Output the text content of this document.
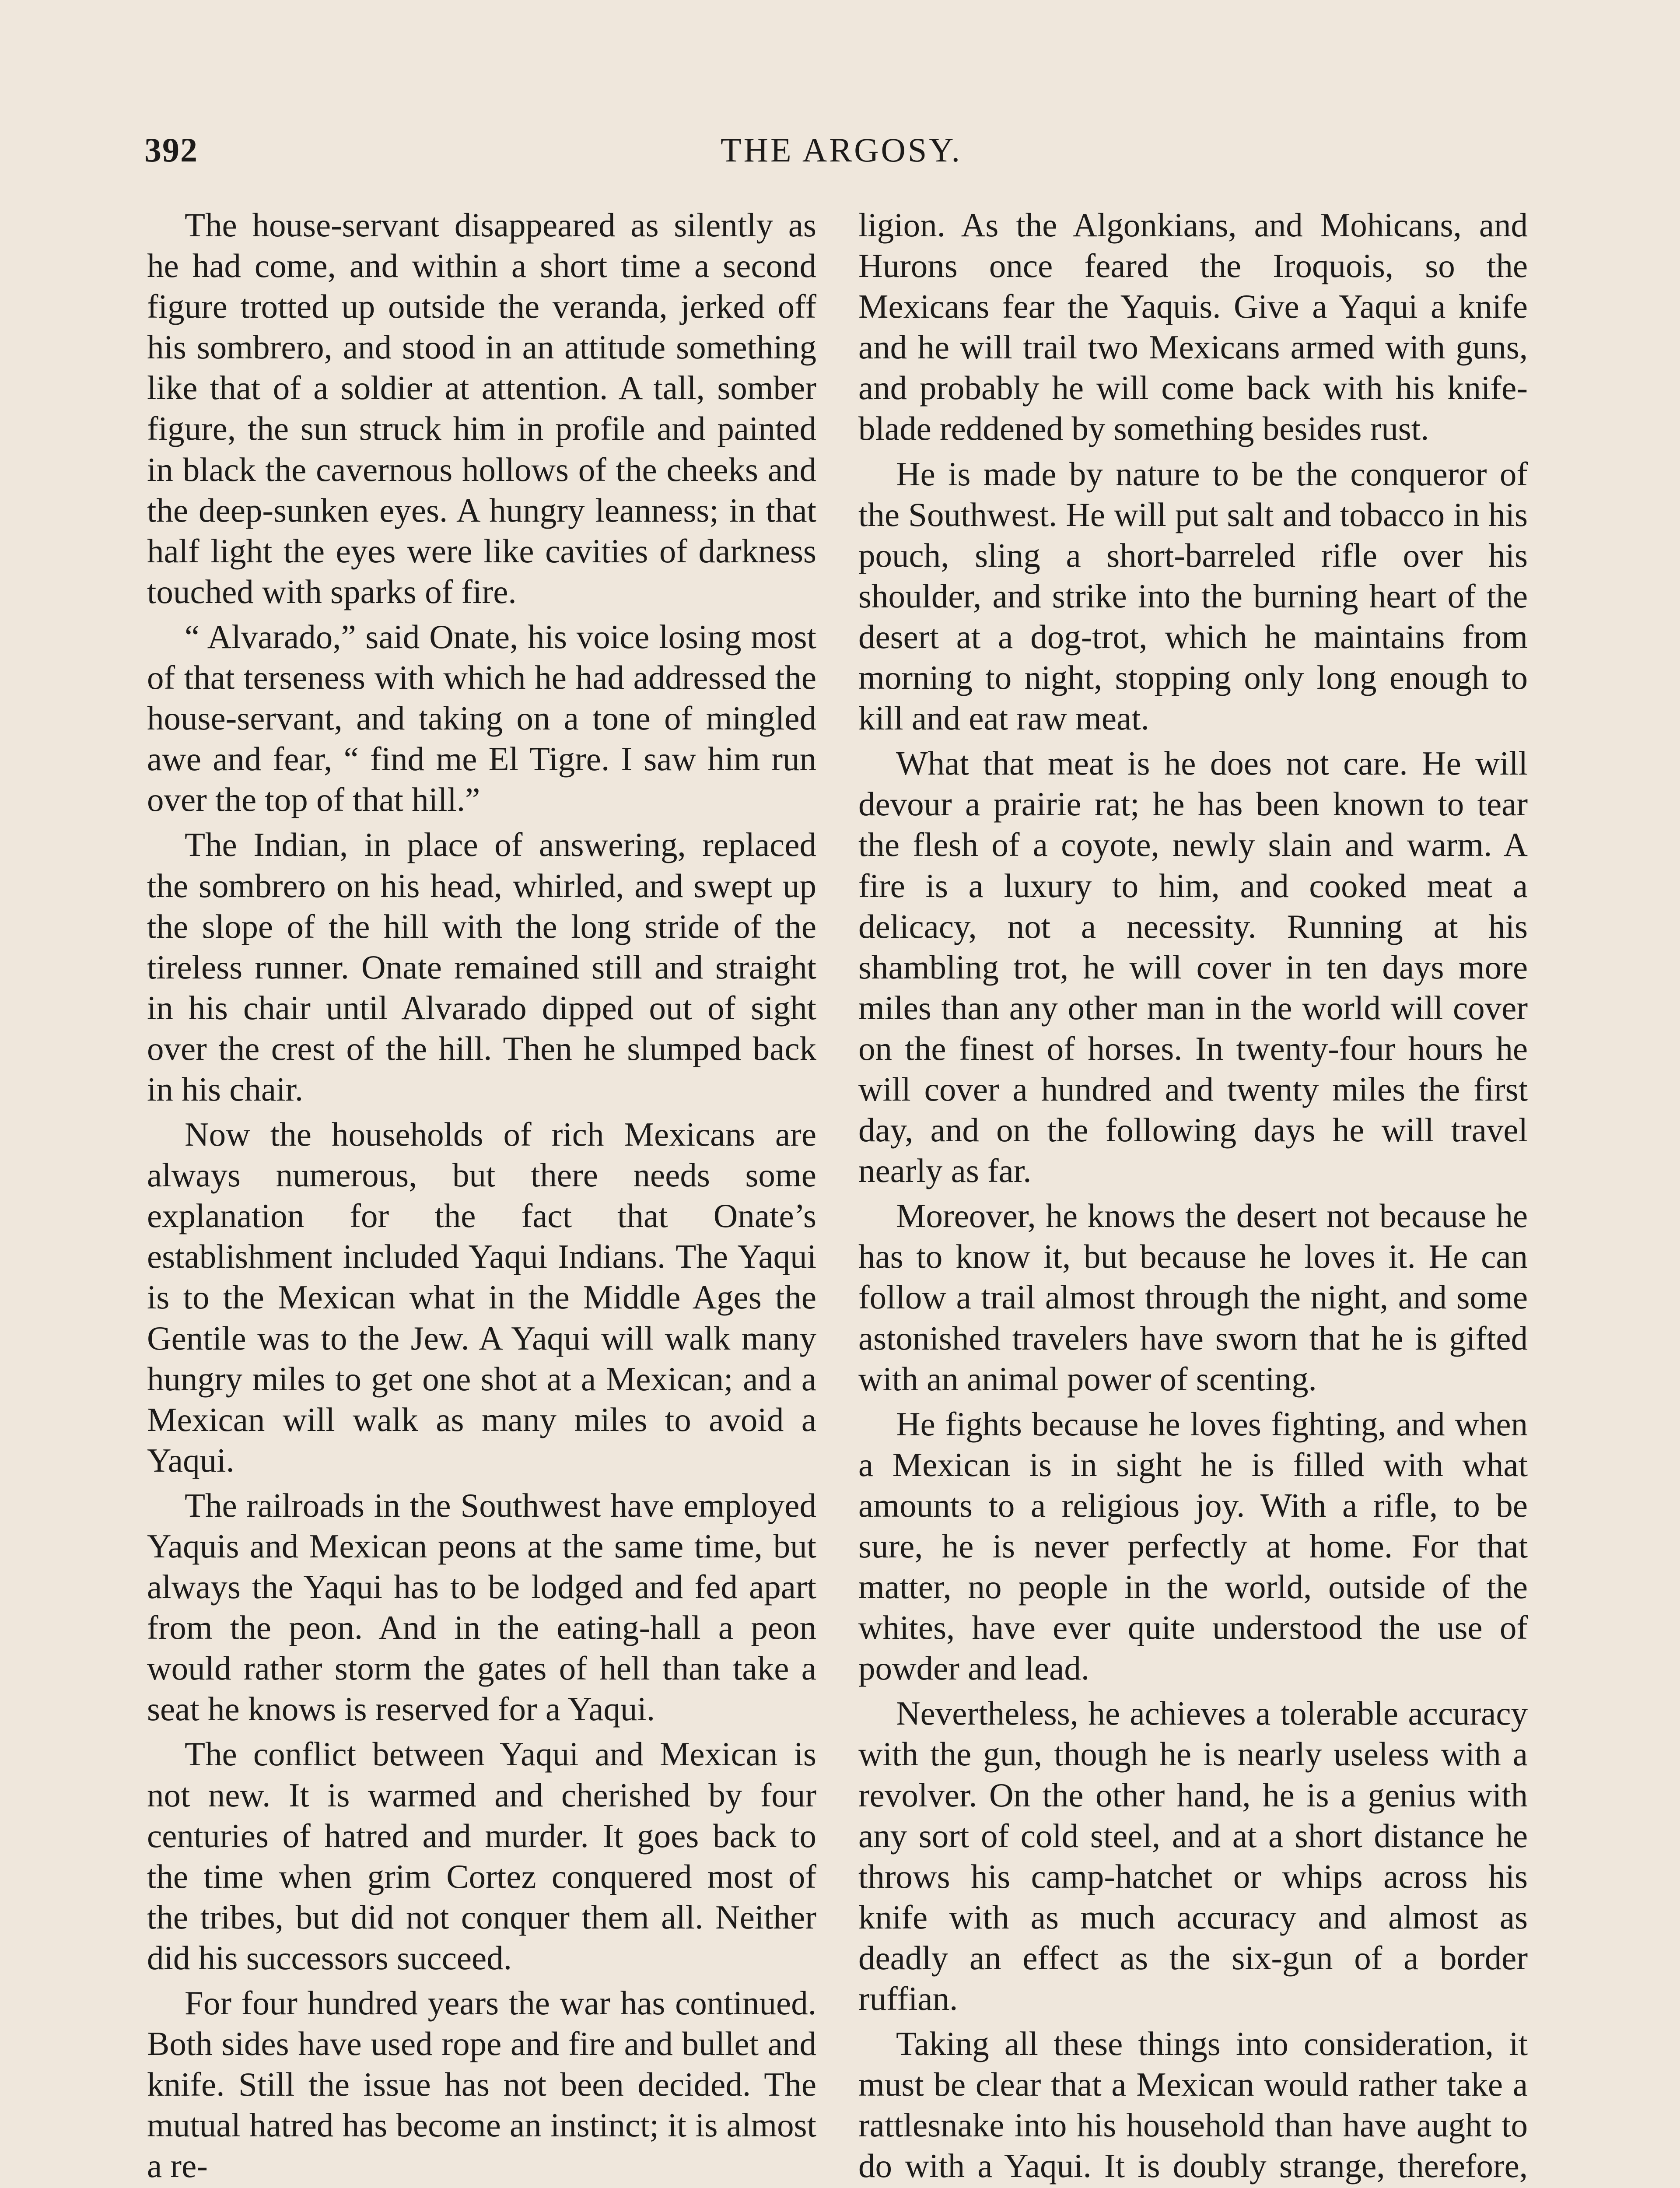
392	THE ARGOSY.

The house-servant disappeared as silently as he had come, and within a short time a second figure trotted up outside the veranda, jerked off his sombrero, and stood in an attitude something like that of a soldier at attention. A tall, somber figure, the sun struck him in profile and painted in black the cavernous hollows of the cheeks and the deep-sunken eyes. A hungry leanness; in that half light the eyes were like cavities of darkness touched with sparks of fire.

“ Alvarado,” said Onate, his voice losing most of that terseness with which he had addressed the house-servant, and taking on a tone of mingled awe and fear, “ find me El Tigre. I saw him run over the top of that hill.”

The Indian, in place of answering, replaced the sombrero on his head, whirled, and swept up the slope of the hill with the long stride of the tireless runner. Onate remained still and straight in his chair until Alvarado dipped out of sight over the crest of the hill. Then he slumped back in his chair.

Now the households of rich Mexicans are always numerous, but there needs some explanation for the fact that Onate’s establishment included Yaqui Indians. The Yaqui is to the Mexican what in the Middle Ages the Gentile was to the Jew. A Yaqui will walk many hungry miles to get one shot at a Mexican; and a Mexican will walk as many miles to avoid a Yaqui.

The railroads in the Southwest have employed Yaquis and Mexican peons at the same time, but always the Yaqui has to be lodged and fed apart from the peon. And in the eating-hall a peon would rather storm the gates of hell than take a seat he knows is reserved for a Yaqui.

The conflict between Yaqui and Mexican is not new. It is warmed and cherished by four centuries of hatred and murder. It goes back to the time when grim Cortez conquered most of the tribes, but did not conquer them all. Neither did his successors succeed.

For four hundred years the war has continued. Both sides have used rope and fire and bullet and knife. Still the issue has not been decided. The mutual hatred has become an instinct; it is almost a re-

ligion. As the Algonkians, and Mohicans, and Hurons once feared the Iroquois, so the Mexicans fear the Yaquis. Give a Yaqui a knife and he will trail two Mexicans armed with guns, and probably he will come back with his knife-blade reddened by something besides rust.

He is made by nature to be the conqueror of the Southwest. He will put salt and tobacco in his pouch, sling a short-barreled rifle over his shoulder, and strike into the burning heart of the desert at a dog-trot, which he maintains from morning to night, stopping only long enough to kill and eat raw meat.

What that meat is he does not care. He will devour a prairie rat; he has been known to tear the flesh of a coyote, newly slain and warm. A fire is a luxury to him, and cooked meat a delicacy, not a necessity. Running at his shambling trot, he will cover in ten days more miles than any other man in the world will cover on the finest of horses. In twenty-four hours he will cover a hundred and twenty miles the first day, and on the following days he will travel nearly as far.

Moreover, he knows the desert not because he has to know it, but because he loves it. He can follow a trail almost through the night, and some astonished travelers have sworn that he is gifted with an animal power of scenting.

He fights because he loves fighting, and when a Mexican is in sight he is filled with what amounts to a religious joy. With a rifle, to be sure, he is never perfectly at home. For that matter, no people in the world, outside of the whites, have ever quite understood the use of powder and lead.

Nevertheless, he achieves a tolerable accuracy with the gun, though he is nearly useless with a revolver. On the other hand, he is a genius with any sort of cold steel, and at a short distance he throws his camp-hatchet or whips across his knife with as much accuracy and almost as deadly an effect as the six-gun of a border ruffian.

Taking all these things into consideration, it must be clear that a Mexican would rather take a rattlesnake into his household than have aught to do with a Yaqui. It is doubly strange, therefore,
